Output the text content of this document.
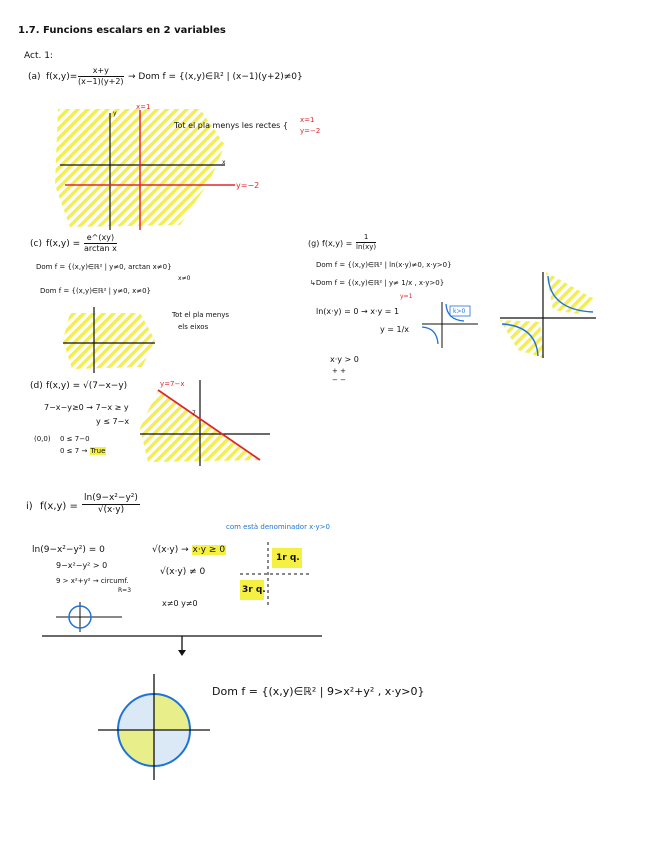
1.7. Funcions escalars en 2 variables
Act. 1:
(a) $f(x,y)= \frac{x+y}{(x-1)(y+2)}$ → Dom f = {(x,y)∈ℝ² | (x−1)(y+2)≠0}
x=1
y=−2
x
y
Tot el pla menys les rectes {
x=1
y=−2
(c) $f(x,y) = \frac{e\^{}(xy)}{\text{arctan x}}$
Dom f = {(x,y)∈ℝ² | y≠0, arctan x≠0}
x≠0
Dom f = {(x,y)∈ℝ² | y≠0, x≠0}
Tot el pla menys
els eixos
(g) $f(x,y) = \frac{1}{\ln(xy)}$
Dom f = {(x,y)∈ℝ² | ln(x·y)≠0, x·y>0}
↳Dom f = {(x,y)∈ℝ² | y≠ 1/x , x·y>0}
y=1
ln(x·y) = 0 → x·y = 1
y = 1/x
k>0
x·y > 0
+ +
− −
(d) f(x,y) = √(7−x−y)
7−x−y≥0 → 7−x ≥ y
y ≤ 7−x
(0,0) 0 ≤ 7−0
0 ≤ 7 → True
y=7−x
7
i) $f(x,y) = \frac{\text{ln(9−x²−y²)}}{√(x\cdot y)}$
com està denominador x·y>0
ln(9−x²−y²) = 0
9−x²−y² > 0
9 > x²+y² → circumf.
R=3
√(x·y) → x·y ≥ 0
√(x·y) ≠ 0
x≠0 y≠0
1r q.
3r q.
Dom f = {(x,y)∈ℝ² | 9>x²+y² , x·y>0}
